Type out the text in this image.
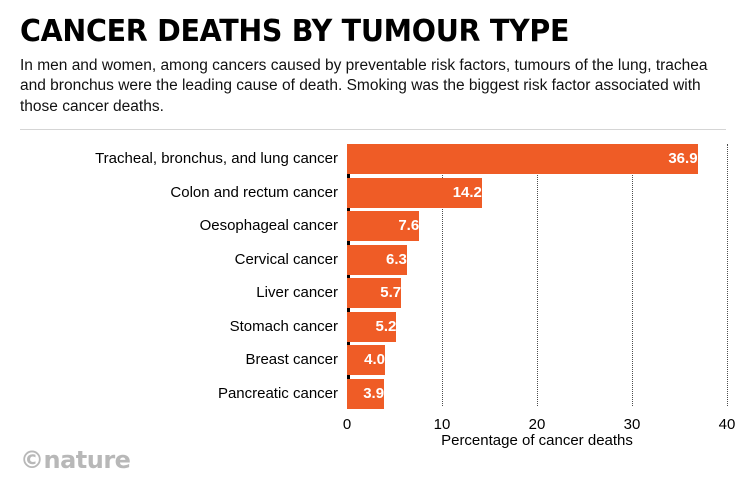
CANCER DEATHS BY TUMOUR TYPE

In men and women, among cancers caused by preventable risk factors, tumours of the lung, trachea and bronchus were the leading cause of death. Smoking was the biggest risk factor associated with those cancer deaths.

0	10	20	30	40
Tracheal, bronchus, and lung cancer	36.9
Colon and rectum cancer	14.2
Oesophageal cancer	7.6
Cervical cancer	6.3
Liver cancer	5.7
Stomach cancer	5.2
Breast cancer	4.0
Pancreatic cancer	3.9
Percentage of cancer deaths
©nature
